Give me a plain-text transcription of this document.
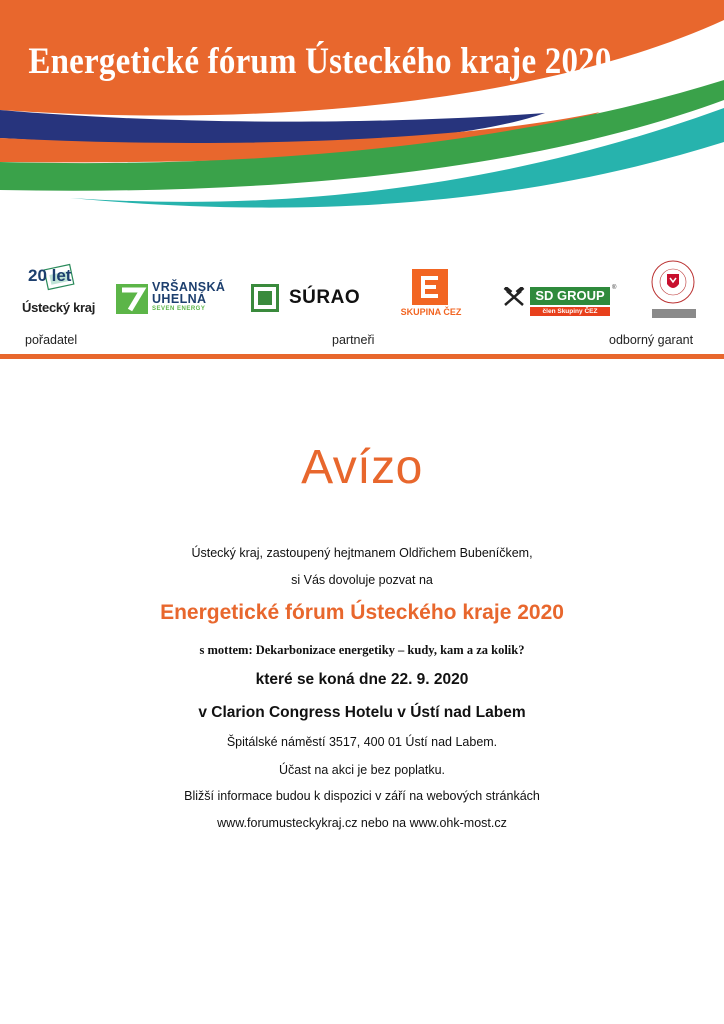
Energetické fórum Ústeckého kraje 2020
20 let
Ústecký kraj
VRŠANSKÁ
UHELNÁ
SEVEN ENERGY
SÚRAO
SKUPINA ČEZ
SD GROUP	®
člen Skupiny ČEZ
pořadatel	partneři	odborný garant
Avízo
Ústecký kraj, zastoupený hejtmanem Oldřichem Bubeníčkem,
si Vás dovoluje pozvat na
Energetické fórum Ústeckého kraje 2020
s mottem: Dekarbonizace energetiky – kudy, kam a za kolik?
které se koná dne 22. 9. 2020
v Clarion Congress Hotelu v Ústí nad Labem
Špitálské náměstí 3517, 400 01 Ústí nad Labem.
Účast na akci je bez poplatku.
Bližší informace budou k dispozici v září na webových stránkách
www.forumusteckykraj.cz nebo na www.ohk-most.cz
